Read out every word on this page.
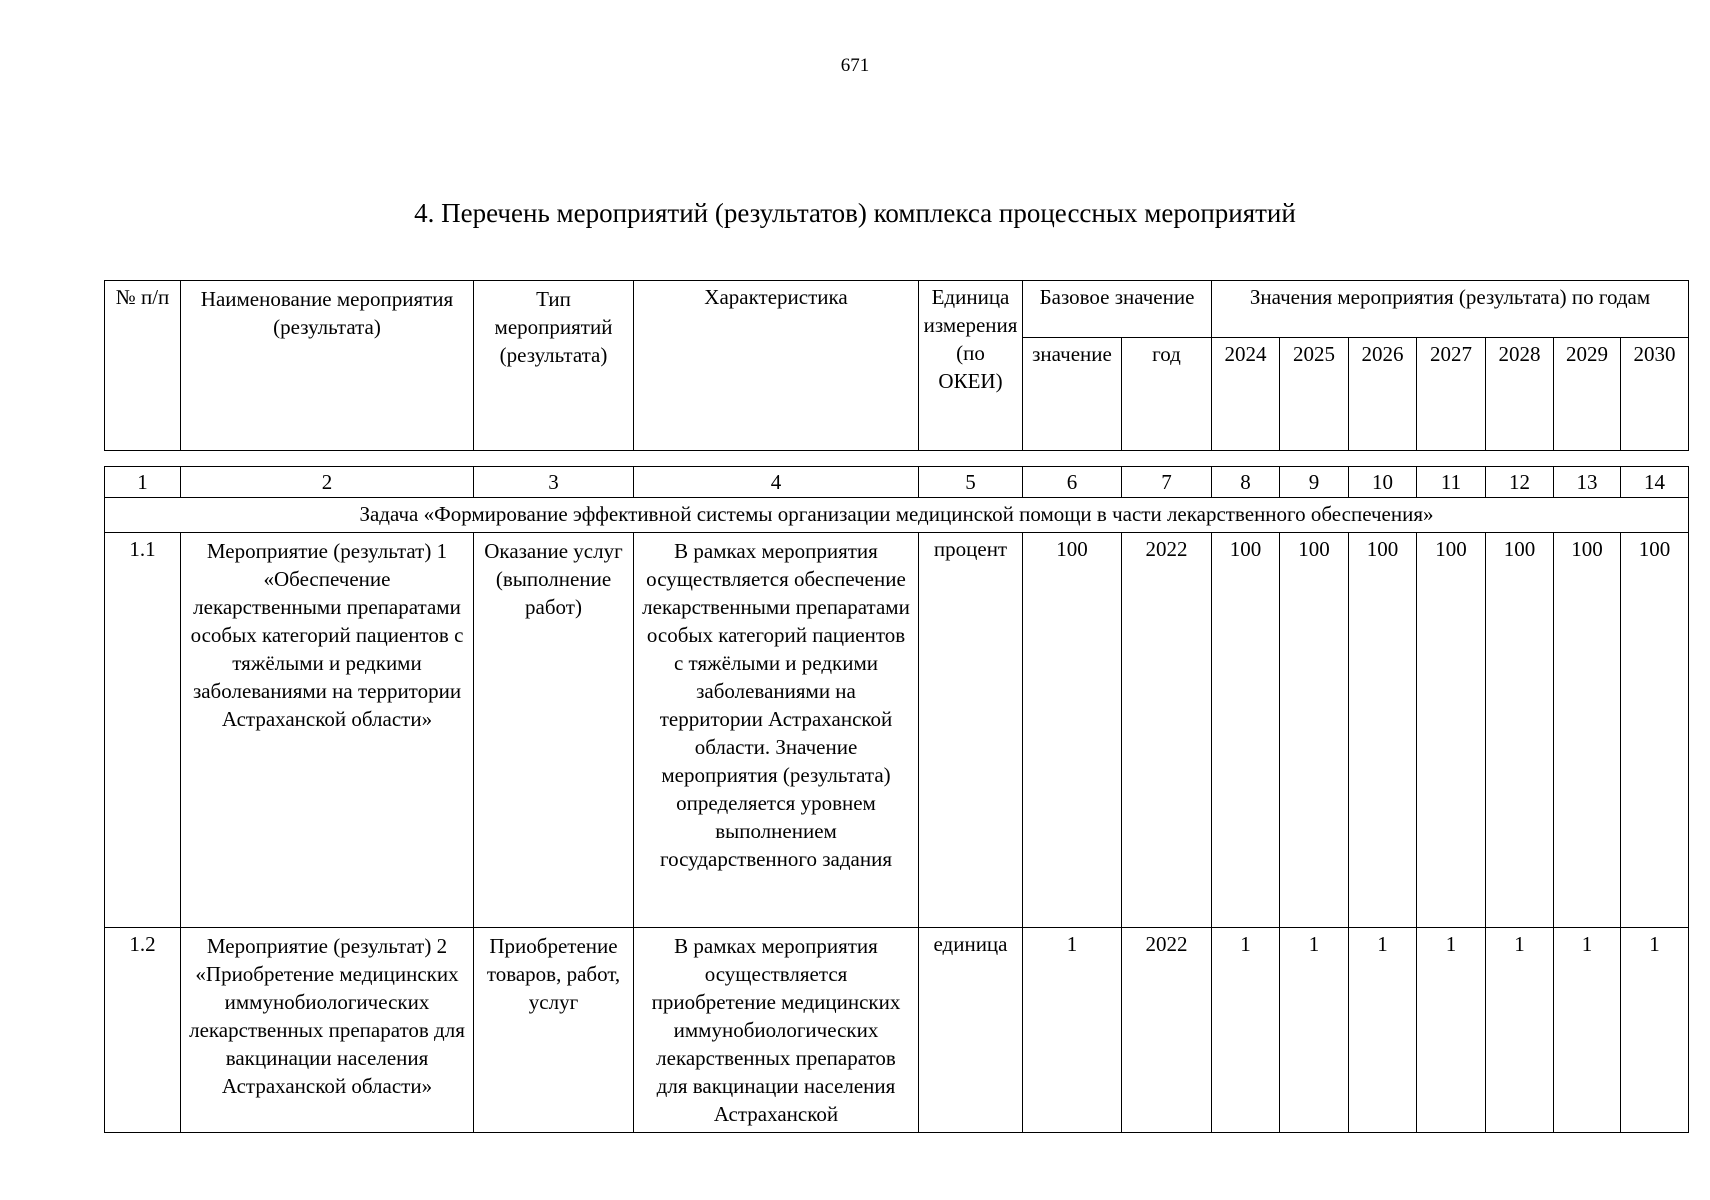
671
4. Перечень мероприятий (результатов) комплекса процессных мероприятий
№ п/п	Наименование мероприятия (результата)	Тип мероприятий (результата)	Характеристика	Единица измерения (по ОКЕИ)	Базовое значение		Значения мероприятия (результата) по годам						
					значение	год	2024	2025	2026	2027	2028	2029	2030
1	2	3	4	5	6	7	8	9	10	11	12	13	14
Задача «Формирование эффективной системы организации медицинской помощи в части лекарственного обеспечения»													
1.1	Мероприятие (результат) 1 «Обеспечение лекарственными препаратами особых категорий пациентов с тяжёлыми и редкими заболеваниями на территории Астраханской области»	Оказание услуг (выполнение работ)	В рамках мероприятия осуществляется обеспечение лекарственными препаратами особых категорий пациентов с тяжёлыми и редкими заболеваниями на территории Астраханской области. Значение мероприятия (результата) определяется уровнем выполнением государственного задания	процент	100	2022	100	100	100	100	100	100	100
1.2	Мероприятие (результат) 2 «Приобретение медицинских иммунобиологических лекарственных препаратов для вакцинации населения Астраханской области»	Приобретение товаров, работ, услуг	В рамках мероприятия осуществляется приобретение медицинских иммунобиологических лекарственных препаратов для вакцинации населения Астраханской	единица	1	2022	1	1	1	1	1	1	1
